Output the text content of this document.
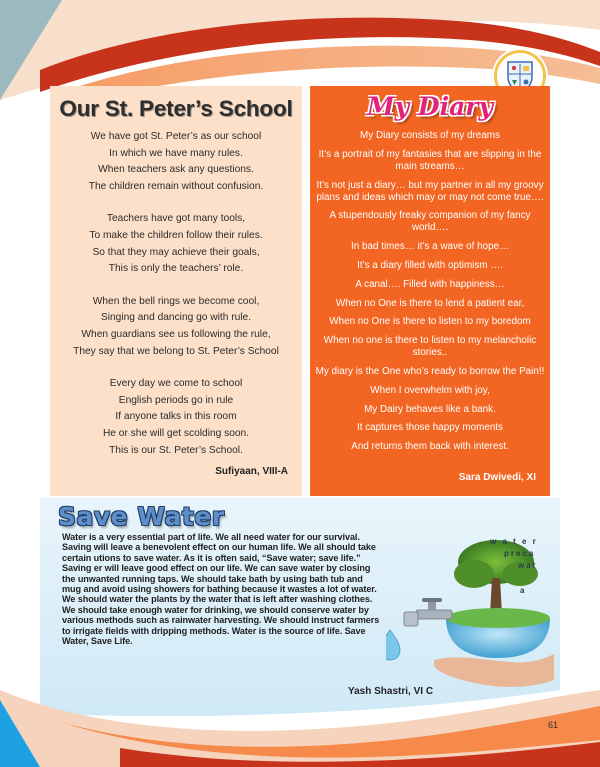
Our St. Peter’s School
We have got St. Peter’s as our school
In which we have many rules.
When teachers ask any questions.
The children remain without confusion.
Teachers have got many tools,
To make the children follow their rules.
So that they may achieve their goals,
This is only the teachers’ role.
When the bell rings we become cool,
Singing and dancing go with rule.
When guardians see us following the rule,
They say that we belong to St. Peter’s School
Every day we come to school
English periods go in rule
If anyone talks in this room
He or she will get scolding soon.
This is our St. Peter’s School.
Sufiyaan, VIII-A
My Diary
My Diary consists of my dreams
It’s a portrait of my fantasies that are slipping in the main streams…
It’s not just a diary… but my partner in all my groovy plans and ideas which may or may not come true….
A stupendously freaky companion of my fancy world….
In bad times… it’s a wave of hope…
It’s a diary filled with optimism ….
A canal…. Filled with happiness…
When no One is there to lend a patient ear,
When no One is there to listen to my boredom
When no one is there to listen to my melancholic stories..
My diary is the One who’s ready to borrow the Pain!!
When I overwhelm with joy,
My Dairy behaves like a bank.
It captures those happy moments
And returns them back with interest.
Sara Dwivedi, XI
Save Water
Water is a very essential part of life. We all need water for our survival. Saving will leave a benevolent effect on our human life. We all should take certain utions to save water. As it is often said, “Save water; save life.” Saving er will leave good effect on our life. We can save water by closing the unwanted running taps. We should take bath by using bath tub and mug and avoid using showers for bathing because it wastes a lot of water. We should water the plants by the water that is left after washing clothes. We should take enough water for drinking, we should conserve water by various methods such as rainwater harvesting. We should instruct farmers to irrigate fields with dripping methods. Water is the source of life. Save Water, Save Life.
Yash Shastri, VI C
w a t e r
preca
wat
a
61
